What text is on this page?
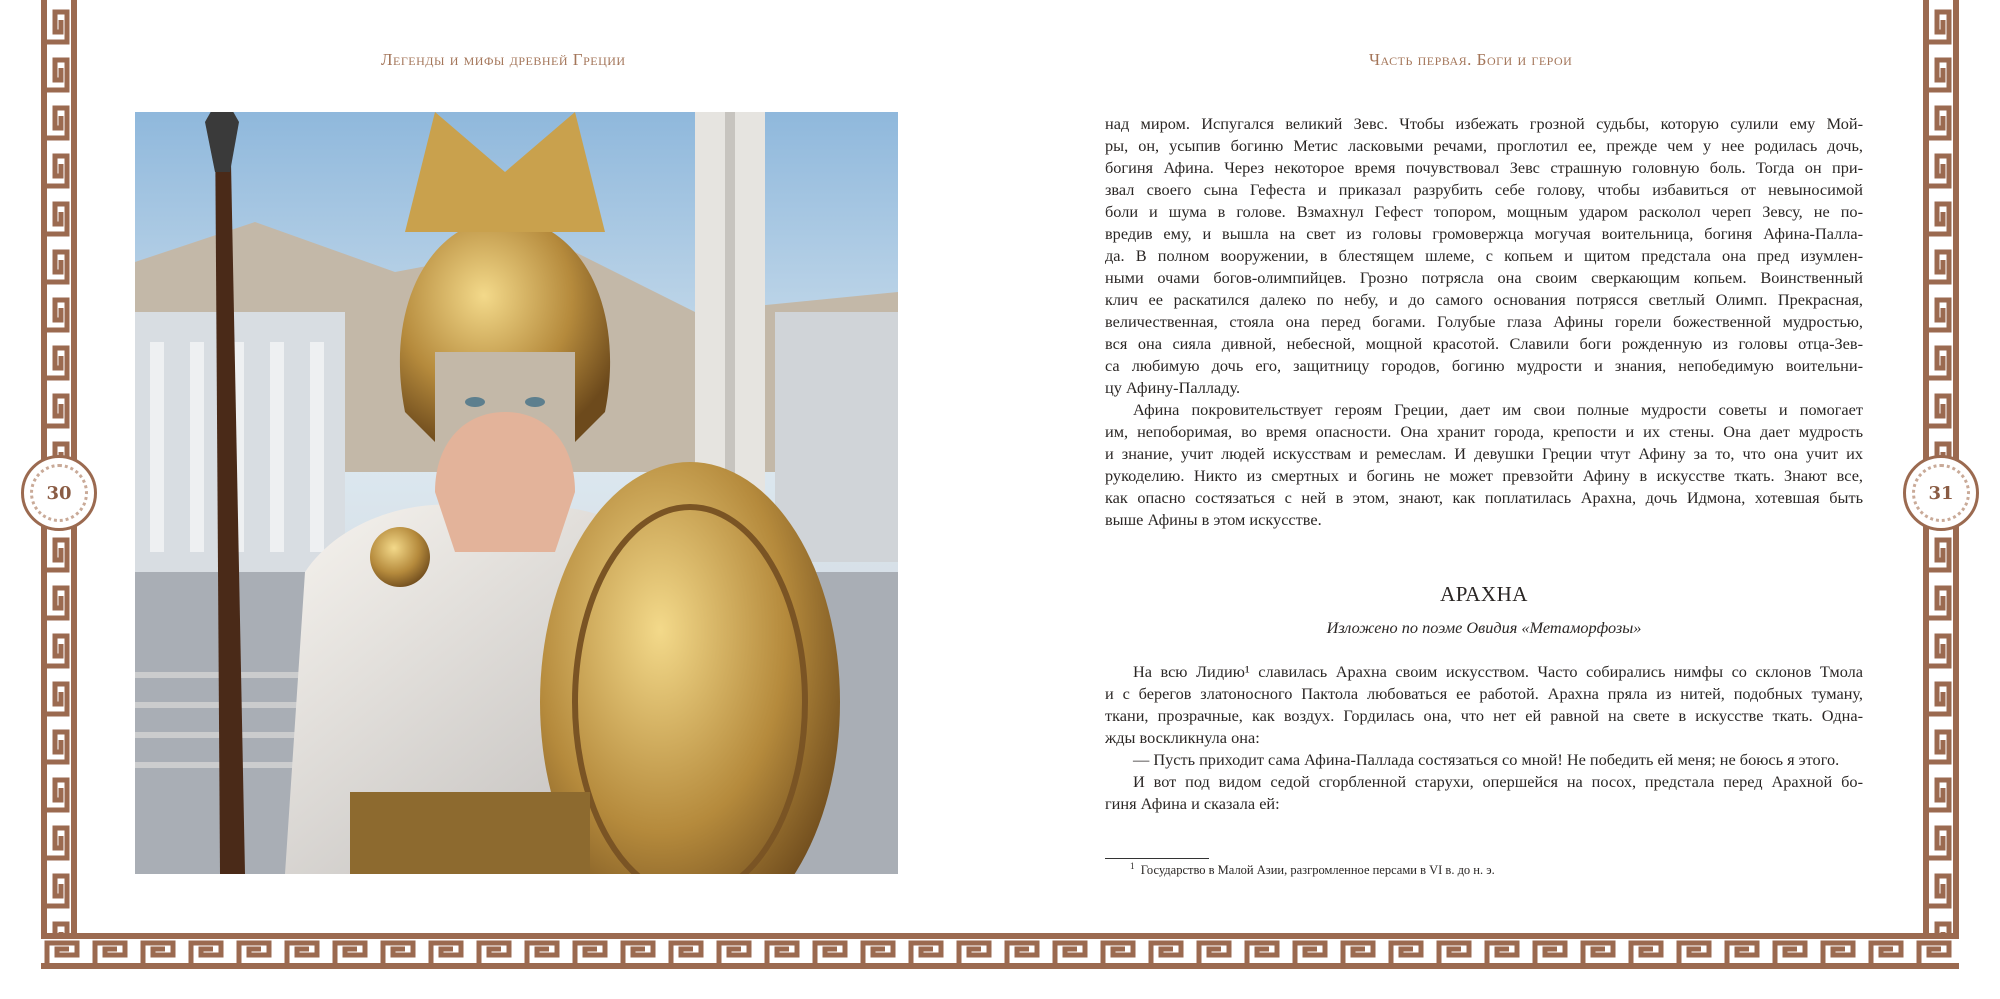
Легенды и мифы древней Греции
30
Часть первая. Боги и герои
31
над миром. Испугался великий Зевс. Чтобы избежать грозной судьбы, которую сулили ему Мой-
ры, он, усыпив богиню Метис ласковыми речами, проглотил ее, прежде чем у нее родилась дочь,
богиня Афина. Через некоторое время почувствовал Зевс страшную головную боль. Тогда он при-
звал своего сына Гефеста и приказал разрубить себе голову, чтобы избавиться от невыносимой
боли и шума в голове. Взмахнул Гефест топором, мощным ударом расколол череп Зевсу, не по-
вредив ему, и вышла на свет из головы громовержца могучая воительница, богиня Афина-Палла-
да. В полном вооружении, в блестящем шлеме, с копьем и щитом предстала она пред изумлен-
ными очами богов-олимпийцев. Грозно потрясла она своим сверкающим копьем. Воинственный
клич ее раскатился далеко по небу, и до самого основания потрясся светлый Олимп. Прекрасная,
величественная, стояла она перед богами. Голубые глаза Афины горели божественной мудростью,
вся она сияла дивной, небесной, мощной красотой. Славили боги рожденную из головы отца-Зев-
са любимую дочь его, защитницу городов, богиню мудрости и знания, непобедимую воительни-
цу Афину-Палладу.
Афина покровительствует героям Греции, дает им свои полные мудрости советы и помогает
им, непоборимая, во время опасности. Она хранит города, крепости и их стены. Она дает мудрость
и знание, учит людей искусствам и ремеслам. И девушки Греции чтут Афину за то, что она учит их
рукоделию. Никто из смертных и богинь не может превзойти Афину в искусстве ткать. Знают все,
как опасно состязаться с ней в этом, знают, как поплатилась Арахна, дочь Идмона, хотевшая быть
выше Афины в этом искусстве.
АРАХНА
Изложено по поэме Овидия «Метаморфозы»
На всю Лидию¹ славилась Арахна своим искусством. Часто собирались нимфы со склонов Тмола
и с берегов златоносного Пактола любоваться ее работой. Арахна пряла из нитей, подобных туману,
ткани, прозрачные, как воздух. Гордилась она, что нет ей равной на свете в искусстве ткать. Одна-
жды воскликнула она:
— Пусть приходит сама Афина-Паллада состязаться со мной! Не победить ей меня; не боюсь я этого.
И вот под видом седой сгорбленной старухи, опершейся на посох, предстала перед Арахной бо-
гиня Афина и сказала ей:
$^1$ Государство в Малой Азии, разгромленное персами в VI в. до н. э.
